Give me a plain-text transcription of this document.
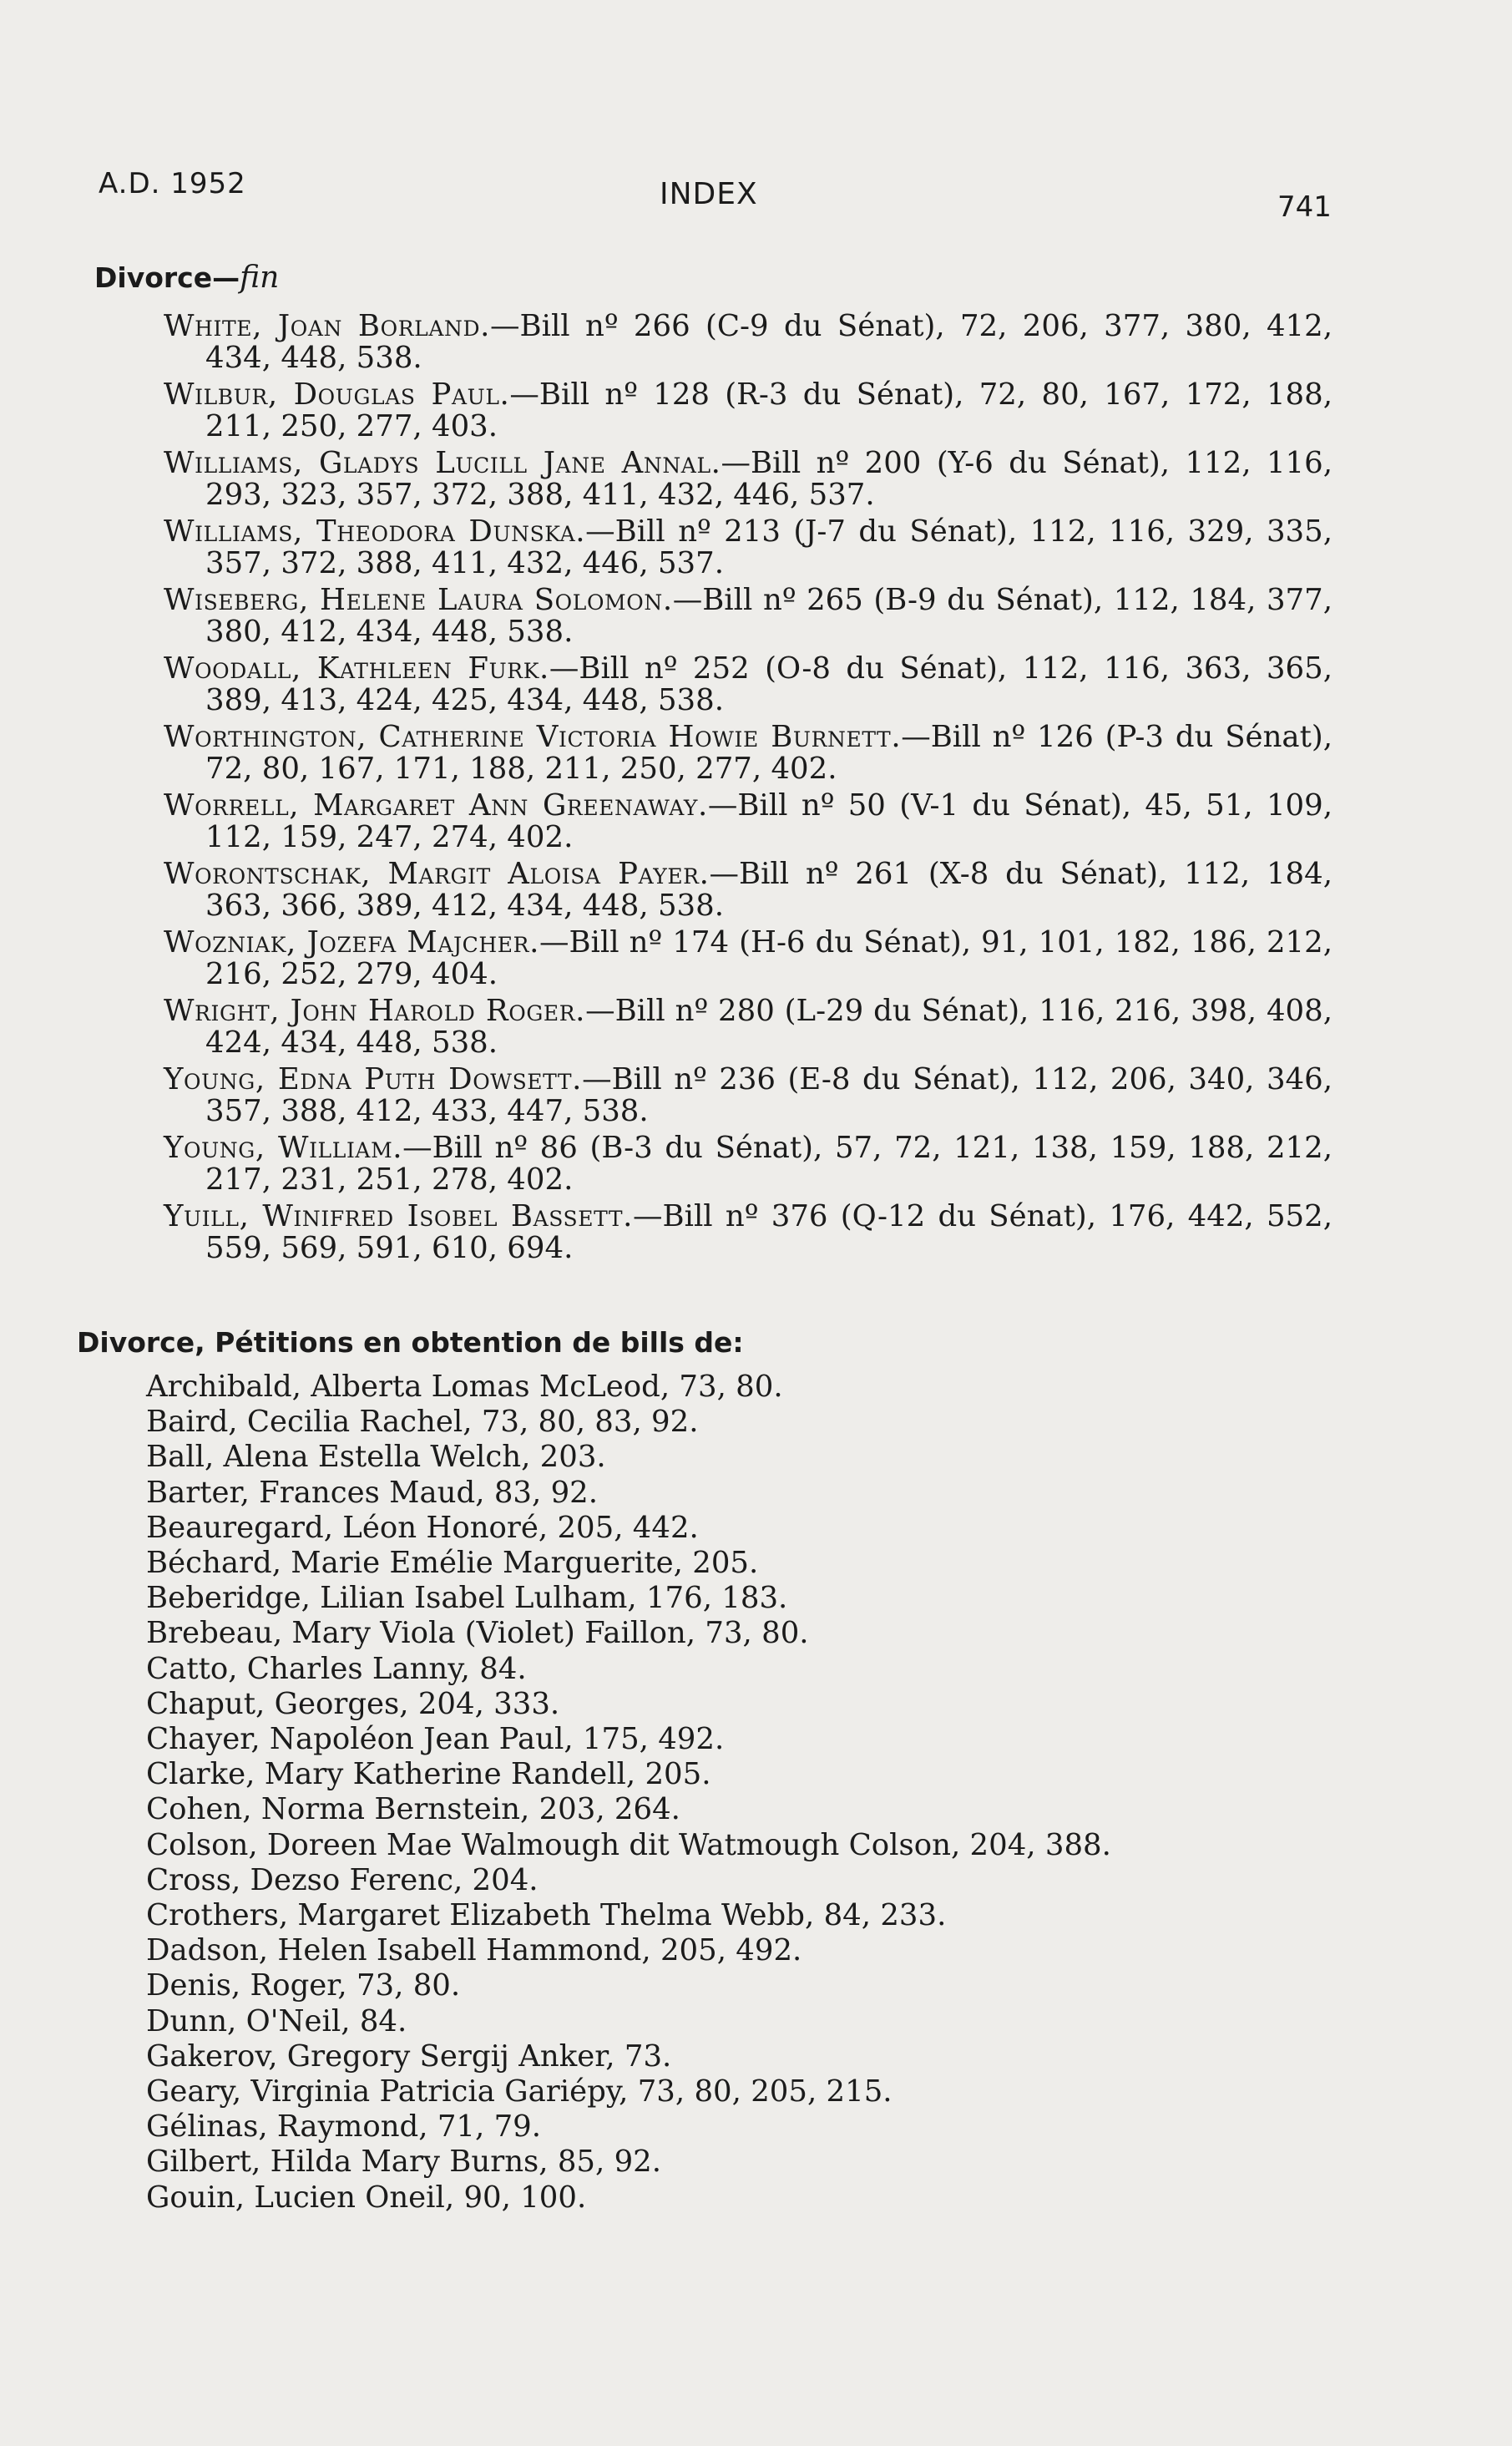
A.D. 1952	INDEX	741
Divorce—fin
White, Joan Borland.—Bill nº 266 (C-9 du Sénat), 72, 206, 377, 380, 412, 434, 448, 538.
Wilbur, Douglas Paul.—Bill nº 128 (R-3 du Sénat), 72, 80, 167, 172, 188, 211, 250, 277, 403.
Williams, Gladys Lucill Jane Annal.—Bill nº 200 (Y-6 du Sénat), 112, 116, 293, 323, 357, 372, 388, 411, 432, 446, 537.
Williams, Theodora Dunska.—Bill nº 213 (J-7 du Sénat), 112, 116, 329, 335, 357, 372, 388, 411, 432, 446, 537.
Wiseberg, Helene Laura Solomon.—Bill nº 265 (B-9 du Sénat), 112, 184, 377, 380, 412, 434, 448, 538.
Woodall, Kathleen Furk.—Bill nº 252 (O-8 du Sénat), 112, 116, 363, 365, 389, 413, 424, 425, 434, 448, 538.
Worthington, Catherine Victoria Howie Burnett.—Bill nº 126 (P-3 du Sénat), 72, 80, 167, 171, 188, 211, 250, 277, 402.
Worrell, Margaret Ann Greenaway.—Bill nº 50 (V-1 du Sénat), 45, 51, 109, 112, 159, 247, 274, 402.
Worontschak, Margit Aloisa Payer.—Bill nº 261 (X-8 du Sénat), 112, 184, 363, 366, 389, 412, 434, 448, 538.
Wozniak, Jozefa Majcher.—Bill nº 174 (H-6 du Sénat), 91, 101, 182, 186, 212, 216, 252, 279, 404.
Wright, John Harold Roger.—Bill nº 280 (L-29 du Sénat), 116, 216, 398, 408, 424, 434, 448, 538.
Young, Edna Puth Dowsett.—Bill nº 236 (E-8 du Sénat), 112, 206, 340, 346, 357, 388, 412, 433, 447, 538.
Young, William.—Bill nº 86 (B-3 du Sénat), 57, 72, 121, 138, 159, 188, 212, 217, 231, 251, 278, 402.
Yuill, Winifred Isobel Bassett.—Bill nº 376 (Q-12 du Sénat), 176, 442, 552, 559, 569, 591, 610, 694.
Divorce, Pétitions en obtention de bills de:
Archibald, Alberta Lomas McLeod, 73, 80.
Baird, Cecilia Rachel, 73, 80, 83, 92.
Ball, Alena Estella Welch, 203.
Barter, Frances Maud, 83, 92.
Beauregard, Léon Honoré, 205, 442.
Béchard, Marie Emélie Marguerite, 205.
Beberidge, Lilian Isabel Lulham, 176, 183.
Brebeau, Mary Viola (Violet) Faillon, 73, 80.
Catto, Charles Lanny, 84.
Chaput, Georges, 204, 333.
Chayer, Napoléon Jean Paul, 175, 492.
Clarke, Mary Katherine Randell, 205.
Cohen, Norma Bernstein, 203, 264.
Colson, Doreen Mae Walmough dit Watmough Colson, 204, 388.
Cross, Dezso Ferenc, 204.
Crothers, Margaret Elizabeth Thelma Webb, 84, 233.
Dadson, Helen Isabell Hammond, 205, 492.
Denis, Roger, 73, 80.
Dunn, O'Neil, 84.
Gakerov, Gregory Sergij Anker, 73.
Geary, Virginia Patricia Gariépy, 73, 80, 205, 215.
Gélinas, Raymond, 71, 79.
Gilbert, Hilda Mary Burns, 85, 92.
Gouin, Lucien Oneil, 90, 100.
